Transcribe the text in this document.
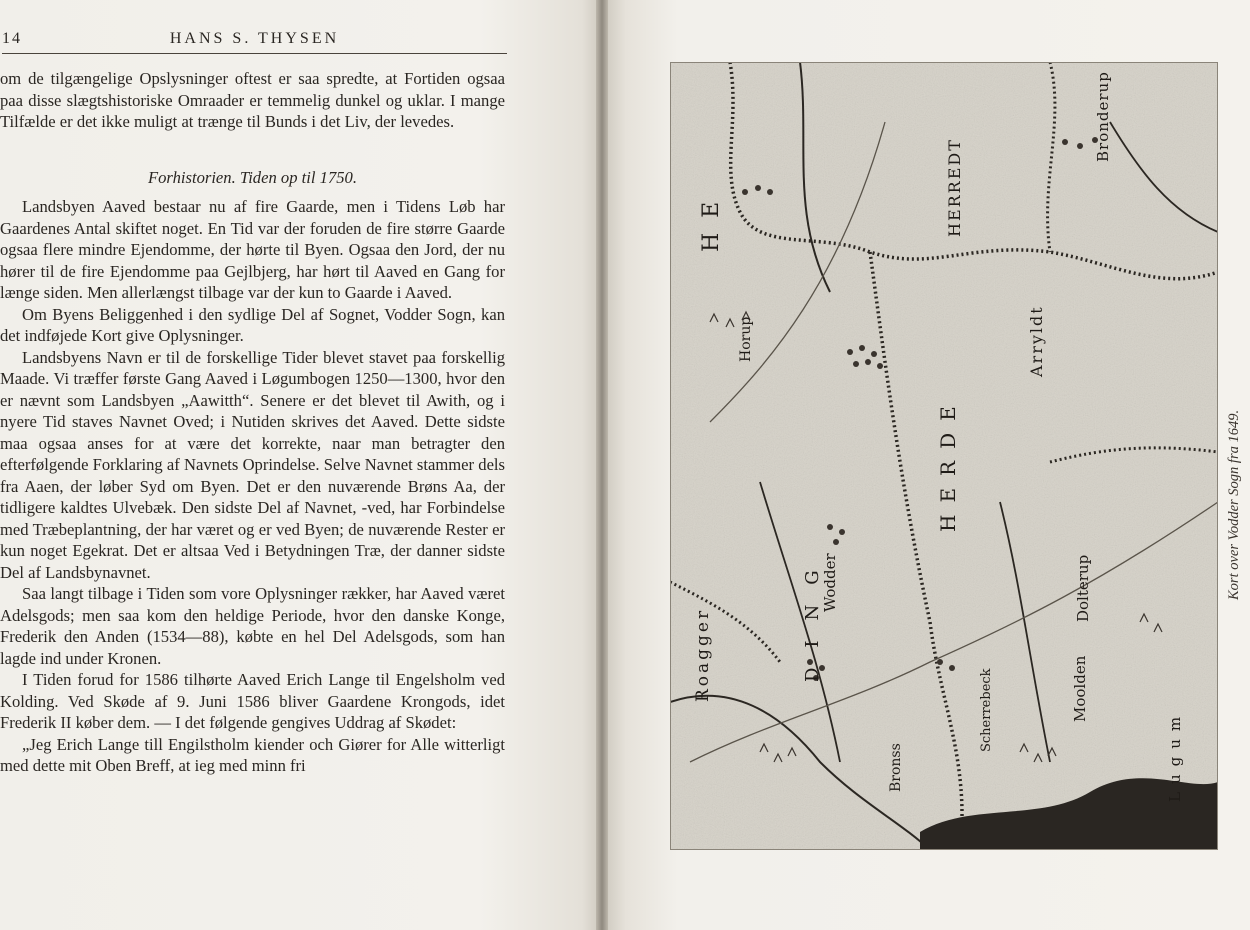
14	HANS S. THYSEN

om de tilgængelige Opslysninger oftest er saa spredte, at Fortiden ogsaa paa disse slægtshistoriske Omraader er temmelig dunkel og uklar. I mange Tilfælde er det ikke muligt at trænge til Bunds i det Liv, der levedes.

Forhistorien. Tiden op til 1750.

Landsbyen Aaved bestaar nu af fire Gaarde, men i Tidens Løb har Gaardenes Antal skiftet noget. En Tid var der foruden de fire større Gaarde ogsaa flere mindre Ejendomme, der hørte til Byen. Ogsaa den Jord, der nu hører til de fire Ejendomme paa Gejlbjerg, har hørt til Aaved en Gang for længe siden. Men allerlængst tilbage var der kun to Gaarde i Aaved.

Om Byens Beliggenhed i den sydlige Del af Sognet, Vodder Sogn, kan det indføjede Kort give Oplysninger.

Landsbyens Navn er til de forskellige Tider blevet stavet paa forskellig Maade. Vi træffer første Gang Aaved i Løgumbogen 1250—1300, hvor den er nævnt som Landsbyen „Aawitth“. Senere er det blevet til Awith, og i nyere Tid staves Navnet Oved; i Nutiden skrives det Aaved. Dette sidste maa ogsaa anses for at være det korrekte, naar man betragter den efterfølgende Forklaring af Navnets Oprindelse. Selve Navnet stammer dels fra Aaen, der løber Syd om Byen. Det er den nuværende Brøns Aa, der tidligere kaldtes Ulvebæk. Den sidste Del af Navnet, -ved, har Forbindelse med Træbeplantning, der har været og er ved Byen; de nuværende Rester er kun noget Egekrat. Det er altsaa Ved i Betydningen Træ, der danner sidste Del af Landsbynavnet.

Saa langt tilbage i Tiden som vore Oplysninger rækker, har Aaved været Adelsgods; men saa kom den heldige Periode, hvor den danske Konge, Frederik den Anden (1534—88), købte en hel Del Adelsgods, som han lagde ind under Kronen.

I Tiden forud for 1586 tilhørte Aaved Erich Lange til Engelsholm ved Kolding. Ved Skøde af 9. Juni 1586 bliver Gaardene Krongods, idet Frederik II køber dem. — I det følgende gengives Uddrag af Skødet:

„Jeg Erich Lange till Engilstholm kiender och Giører for Alle witterligt med dette mit Oben Breff, at ieg med minn fri

H E	HERREDT
HERDE
DING
Roagger
Horup	Arryldt
Bronderup
Wodder	Dolterup
Scherrebeck
Bronss
Moolden
Lugum
Kort over Vodder Sogn fra 1649.
